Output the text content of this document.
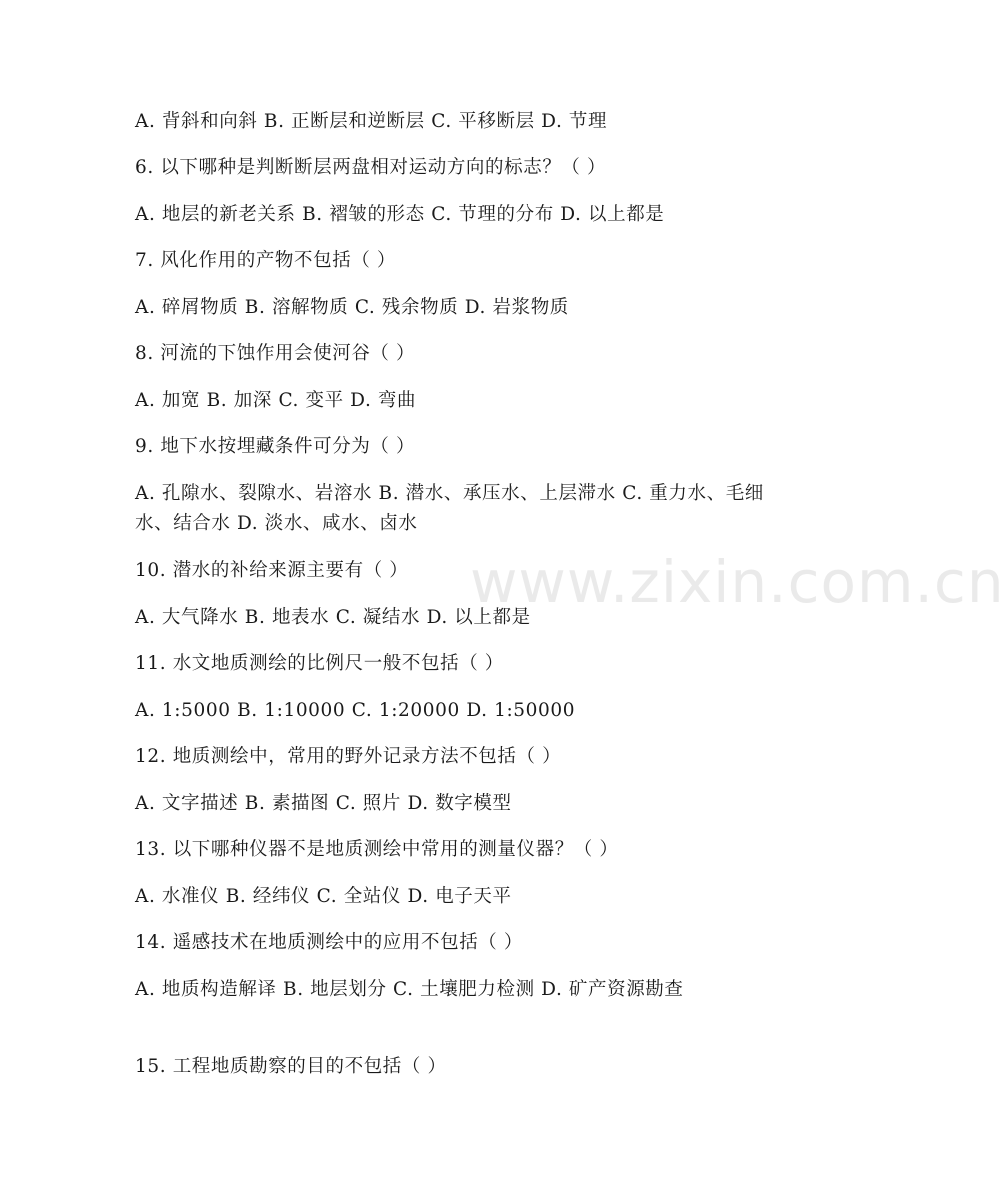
www.zixin.com.cn
A. 背斜和向斜 B. 正断层和逆断层 C. 平移断层 D. 节理
6. 以下哪种是判断断层两盘相对运动方向的标志？（ ）
A. 地层的新老关系 B. 褶皱的形态 C. 节理的分布 D. 以上都是
7. 风化作用的产物不包括（ ）
A. 碎屑物质 B. 溶解物质 C. 残余物质 D. 岩浆物质
8. 河流的下蚀作用会使河谷（ ）
A. 加宽 B. 加深 C. 变平 D. 弯曲
9. 地下水按埋藏条件可分为（ ）
A. 孔隙水、裂隙水、岩溶水 B. 潜水、承压水、上层滞水 C. 重力水、毛细水、结合水 D. 淡水、咸水、卤水
10. 潜水的补给来源主要有（ ）
A. 大气降水 B. 地表水 C. 凝结水 D. 以上都是
11. 水文地质测绘的比例尺一般不包括（ ）
A. 1:5000 B. 1:10000 C. 1:20000 D. 1:50000
12. 地质测绘中，常用的野外记录方法不包括（ ）
A. 文字描述 B. 素描图 C. 照片 D. 数字模型
13. 以下哪种仪器不是地质测绘中常用的测量仪器？（ ）
A. 水准仪 B. 经纬仪 C. 全站仪 D. 电子天平
14. 遥感技术在地质测绘中的应用不包括（ ）
A. 地质构造解译 B. 地层划分 C. 土壤肥力检测 D. 矿产资源勘查
15. 工程地质勘察的目的不包括（ ）
